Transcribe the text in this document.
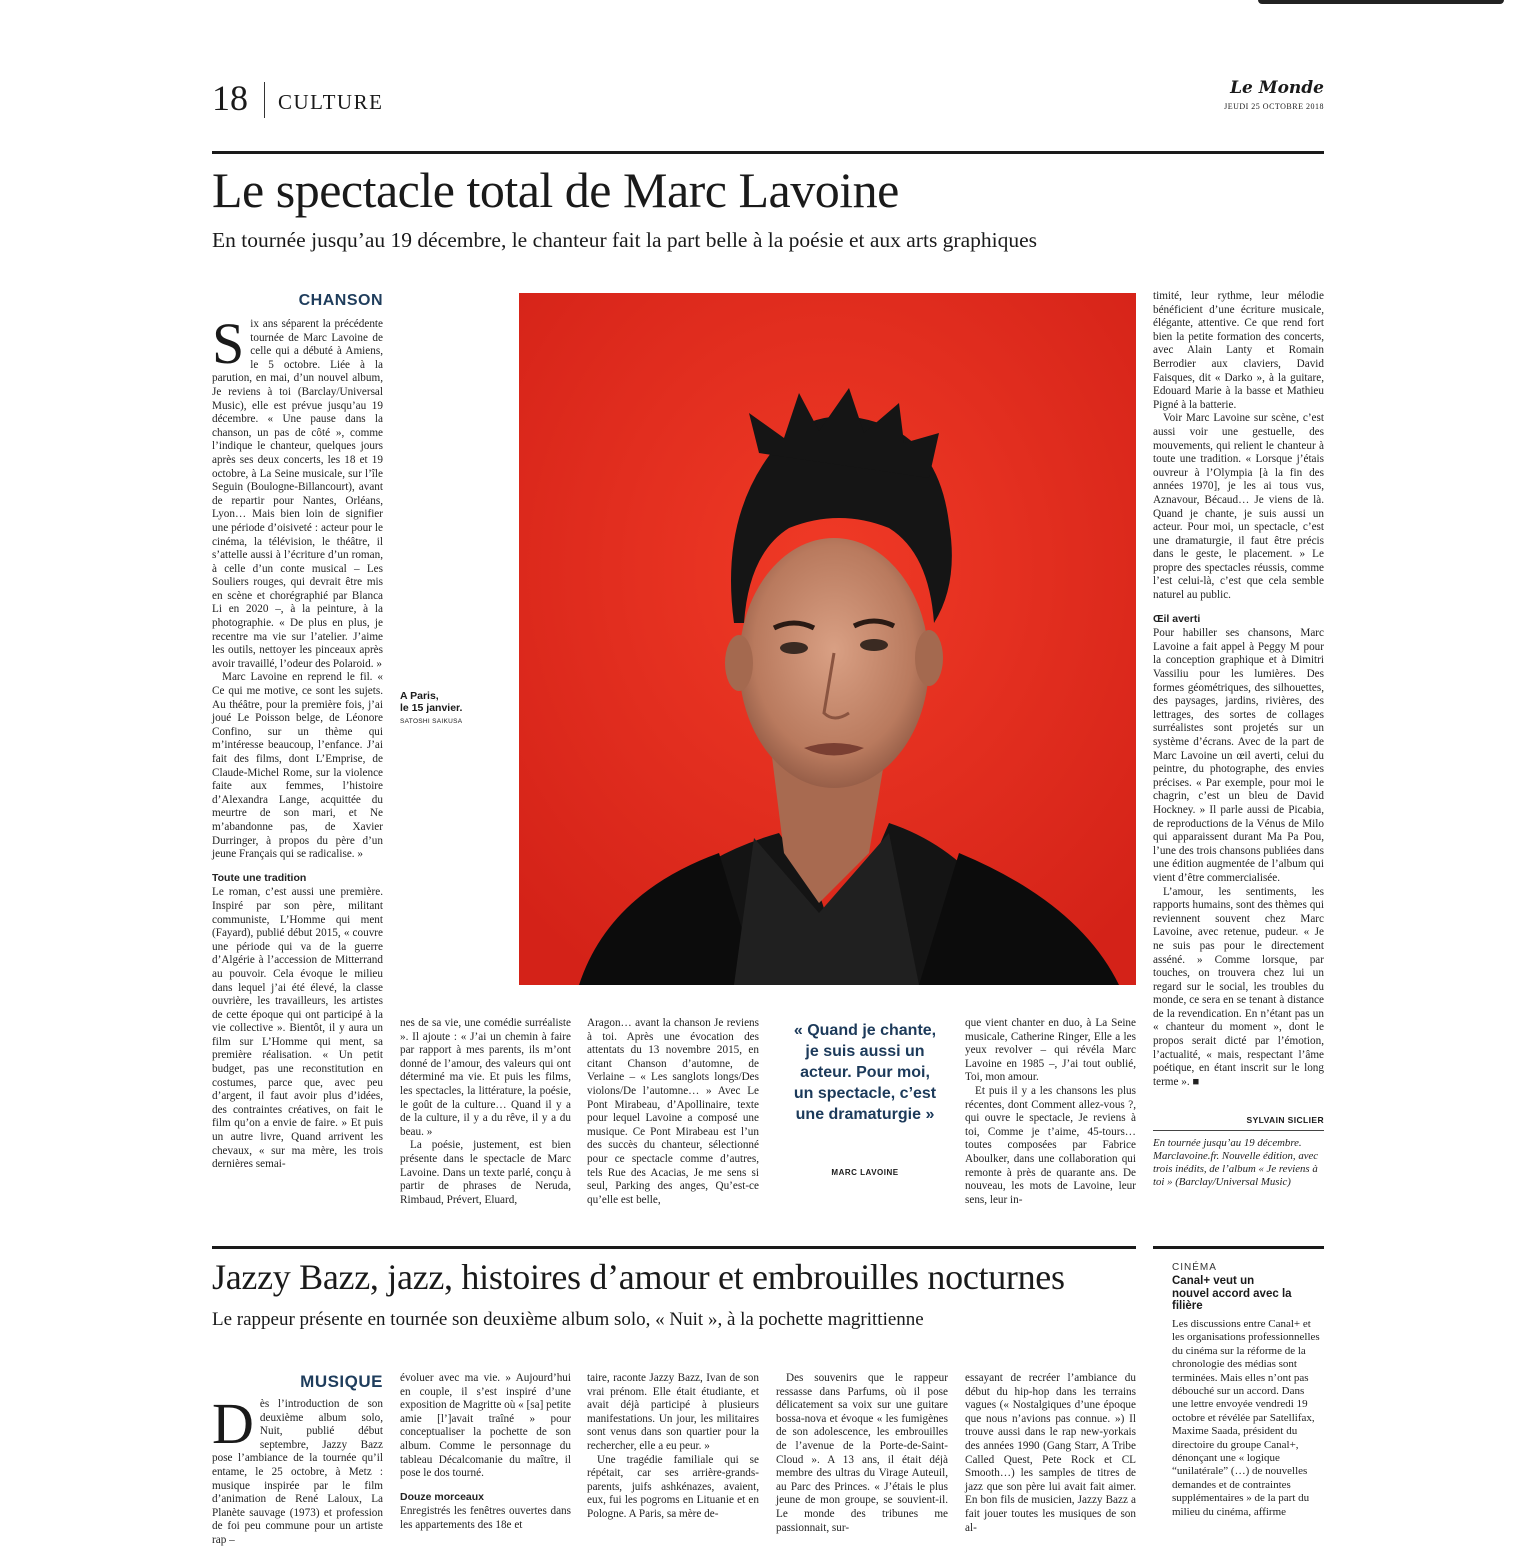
18 CULTURE
Le Monde
JEUDI 25 OCTOBRE 2018
Le spectacle total de Marc Lavoine
En tournée jusqu’au 19 décembre, le chanteur fait la part belle à la poésie et aux arts graphiques
CHANSON
S ix ans séparent la précédente tournée de Marc Lavoine de celle qui a débuté à Amiens, le 5 octobre. Liée à la parution, en mai, d’un nouvel album, Je reviens à toi (Barclay/Universal Music), elle est prévue jusqu’au 19 décembre. « Une pause dans la chanson, un pas de côté », comme l’indique le chanteur, quelques jours après ses deux concerts, les 18 et 19 octobre, à La Seine musicale, sur l’île Seguin (Boulogne-Billancourt), avant de repartir pour Nantes, Orléans, Lyon… Mais bien loin de signifier une période d’oisiveté : acteur pour le cinéma, la télévision, le théâtre, il s’attelle aussi à l’écriture d’un roman, à celle d’un conte musical – Les Souliers rouges, qui devrait être mis en scène et chorégraphié par Blanca Li en 2020 –, à la peinture, à la photographie. « De plus en plus, je recentre ma vie sur l’atelier. J’aime les outils, nettoyer les pinceaux après avoir travaillé, l’odeur des Polaroid. »

Marc Lavoine en reprend le fil. « Ce qui me motive, ce sont les sujets. Au théâtre, pour la première fois, j’ai joué Le Poisson belge, de Léonore Confino, sur un thème qui m’intéresse beaucoup, l’enfance. J’ai fait des films, dont L’Emprise, de Claude-Michel Rome, sur la violence faite aux femmes, l’histoire d’Alexandra Lange, acquittée du meurtre de son mari, et Ne m’abandonne pas, de Xavier Durringer, à propos du père d’un jeune Français qui se radicalise. »

Toute une tradition

Le roman, c’est aussi une première. Inspiré par son père, militant communiste, L’Homme qui ment (Fayard), publié début 2015, « couvre une période qui va de la guerre d’Algérie à l’accession de Mitterrand au pouvoir. Cela évoque le milieu dans lequel j’ai été élevé, la classe ouvrière, les travailleurs, les artistes de cette époque qui ont participé à la vie collective ». Bientôt, il y aura un film sur L’Homme qui ment, sa première réalisation. « Un petit budget, pas une reconstitution en costumes, parce que, avec peu d’argent, il faut avoir plus d’idées, des contraintes créatives, on fait le film qu’on a envie de faire. » Et puis un autre livre, Quand arrivent les chevaux, « sur ma mère, les trois dernières semai-

A Paris,
le 15 janvier.
SATOSHI SAIKUSA

nes de sa vie, une comédie surréaliste ». Il ajoute : « J’ai un chemin à faire par rapport à mes parents, ils m’ont donné de l’amour, des valeurs qui ont déterminé ma vie. Et puis les films, les spectacles, la littérature, la poésie, le goût de la culture… Quand il y a de la culture, il y a du rêve, il y a du beau. »

La poésie, justement, est bien présente dans le spectacle de Marc Lavoine. Dans un texte parlé, conçu à partir de phrases de Neruda, Rimbaud, Prévert, Eluard,

Aragon… avant la chanson Je reviens à toi. Après une évocation des attentats du 13 novembre 2015, en citant Chanson d’automne, de Verlaine – « Les sanglots longs/Des violons/De l’automne… » Avec Le Pont Mirabeau, d’Apollinaire, texte pour lequel Lavoine a composé une musique. Ce Pont Mirabeau est l’un des succès du chanteur, sélectionné pour ce spectacle comme d’autres, tels Rue des Acacias, Je me sens si seul, Parking des anges, Qu’est-ce qu’elle est belle,

« Quand je chante, je suis aussi un acteur. Pour moi, un spectacle, c’est une dramaturgie »
MARC LAVOINE

que vient chanter en duo, à La Seine musicale, Catherine Ringer, Elle a les yeux revolver – qui révéla Marc Lavoine en 1985 –, J’ai tout oublié, Toi, mon amour.

Et puis il y a les chansons les plus récentes, dont Comment allez-vous ?, qui ouvre le spectacle, Je reviens à toi, Comme je t’aime, 45-tours… toutes composées par Fabrice Aboulker, dans une collaboration qui remonte à près de quarante ans. De nouveau, les mots de Lavoine, leur sens, leur in-

timité, leur rythme, leur mélodie bénéficient d’une écriture musicale, élégante, attentive. Ce que rend fort bien la petite formation des concerts, avec Alain Lanty et Romain Berrodier aux claviers, David Faisques, dit « Darko », à la guitare, Edouard Marie à la basse et Mathieu Pigné à la batterie.

Voir Marc Lavoine sur scène, c’est aussi voir une gestuelle, des mouvements, qui relient le chanteur à toute une tradition. « Lorsque j’étais ouvreur à l’Olympia [à la fin des années 1970], je les ai tous vus, Aznavour, Bécaud… Je viens de là. Quand je chante, je suis aussi un acteur. Pour moi, un spectacle, c’est une dramaturgie, il faut être précis dans le geste, le placement. » Le propre des spectacles réussis, comme l’est celui-là, c’est que cela semble naturel au public.

Œil averti

Pour habiller ses chansons, Marc Lavoine a fait appel à Peggy M pour la conception graphique et à Dimitri Vassiliu pour les lumières. Des formes géométriques, des silhouettes, des paysages, jardins, rivières, des lettrages, des sortes de collages surréalistes sont projetés sur un système d’écrans. Avec de la part de Marc Lavoine un œil averti, celui du peintre, du photographe, des envies précises. « Par exemple, pour moi le chagrin, c’est un bleu de David Hockney. » Il parle aussi de Picabia, de reproductions de la Vénus de Milo qui apparaissent durant Ma Pa Pou, l’une des trois chansons publiées dans une édition augmentée de l’album qui vient d’être commercialisée.

L’amour, les sentiments, les rapports humains, sont des thèmes qui reviennent souvent chez Marc Lavoine, avec retenue, pudeur. « Je ne suis pas pour le directement asséné. » Comme lorsque, par touches, on trouvera chez lui un regard sur le social, les troubles du monde, ce sera en se tenant à distance de la revendication. En n’étant pas un « chanteur du moment », dont le propos serait dicté par l’émotion, l’actualité, « mais, respectant l’âme poétique, en étant inscrit sur le long terme ». ■

SYLVAIN SICLIER
En tournée jusqu’au 19 décembre. Marclavoine.fr. Nouvelle édition, avec trois inédits, de l’album « Je reviens à toi » (Barclay/Universal Music)
Jazzy Bazz, jazz, histoires d’amour et embrouilles nocturnes
Le rappeur présente en tournée son deuxième album solo, « Nuit », à la pochette magrittienne
MUSIQUE
D ès l’introduction de son deuxième album solo, Nuit, publié début septembre, Jazzy Bazz pose l’ambiance de la tournée qu’il entame, le 25 octobre, à Metz : musique inspirée par le film d’animation de René Laloux, La Planète sauvage (1973) et profession de foi peu commune pour un artiste rap –

évoluer avec ma vie. » Aujourd’hui en couple, il s’est inspiré d’une exposition de Magritte où « [sa] petite amie [l’]avait traîné » pour conceptualiser la pochette de son album. Comme le personnage du tableau Décalcomanie du maître, il pose le dos tourné.

Douze morceaux

Enregistrés les fenêtres ouvertes dans les appartements des 18e et

taire, raconte Jazzy Bazz, Ivan de son vrai prénom. Elle était étudiante, et avait déjà participé à plusieurs manifestations. Un jour, les militaires sont venus dans son quartier pour la rechercher, elle a eu peur. »

Une tragédie familiale qui se répétait, car ses arrière-grands-parents, juifs ashkénazes, avaient, eux, fui les pogroms en Lituanie et en Pologne. A Paris, sa mère de-

Des souvenirs que le rappeur ressasse dans Parfums, où il pose délicatement sa voix sur une guitare bossa-nova et évoque « les fumigènes de son adolescence, les embrouilles de l’avenue de la Porte-de-Saint-Cloud ». A 13 ans, il était déjà membre des ultras du Virage Auteuil, au Parc des Princes. « J’étais le plus jeune de mon groupe, se souvient-il. Le monde des tribunes me passionnait, sur-

essayant de recréer l’ambiance du début du hip-hop dans les terrains vagues (« Nostalgiques d’une époque que nous n’avions pas connue. ») Il trouve aussi dans le rap new-yorkais des années 1990 (Gang Starr, A Tribe Called Quest, Pete Rock et CL Smooth…) les samples de titres de jazz que son père lui avait fait aimer. En bon fils de musicien, Jazzy Bazz a fait jouer toutes les musiques de son al-

CINÉMA
Canal+ veut un nouvel accord avec la filière

Les discussions entre Canal+ et les organisations professionnelles du cinéma sur la réforme de la chronologie des médias sont terminées. Mais elles n’ont pas débouché sur un accord. Dans une lettre envoyée vendredi 19 octobre et révélée par Satellifax, Maxime Saada, président du directoire du groupe Canal+, dénonçant une « logique “unilatérale” (…) de nouvelles demandes et de contraintes supplémentaires » de la part du milieu du cinéma, affirme
